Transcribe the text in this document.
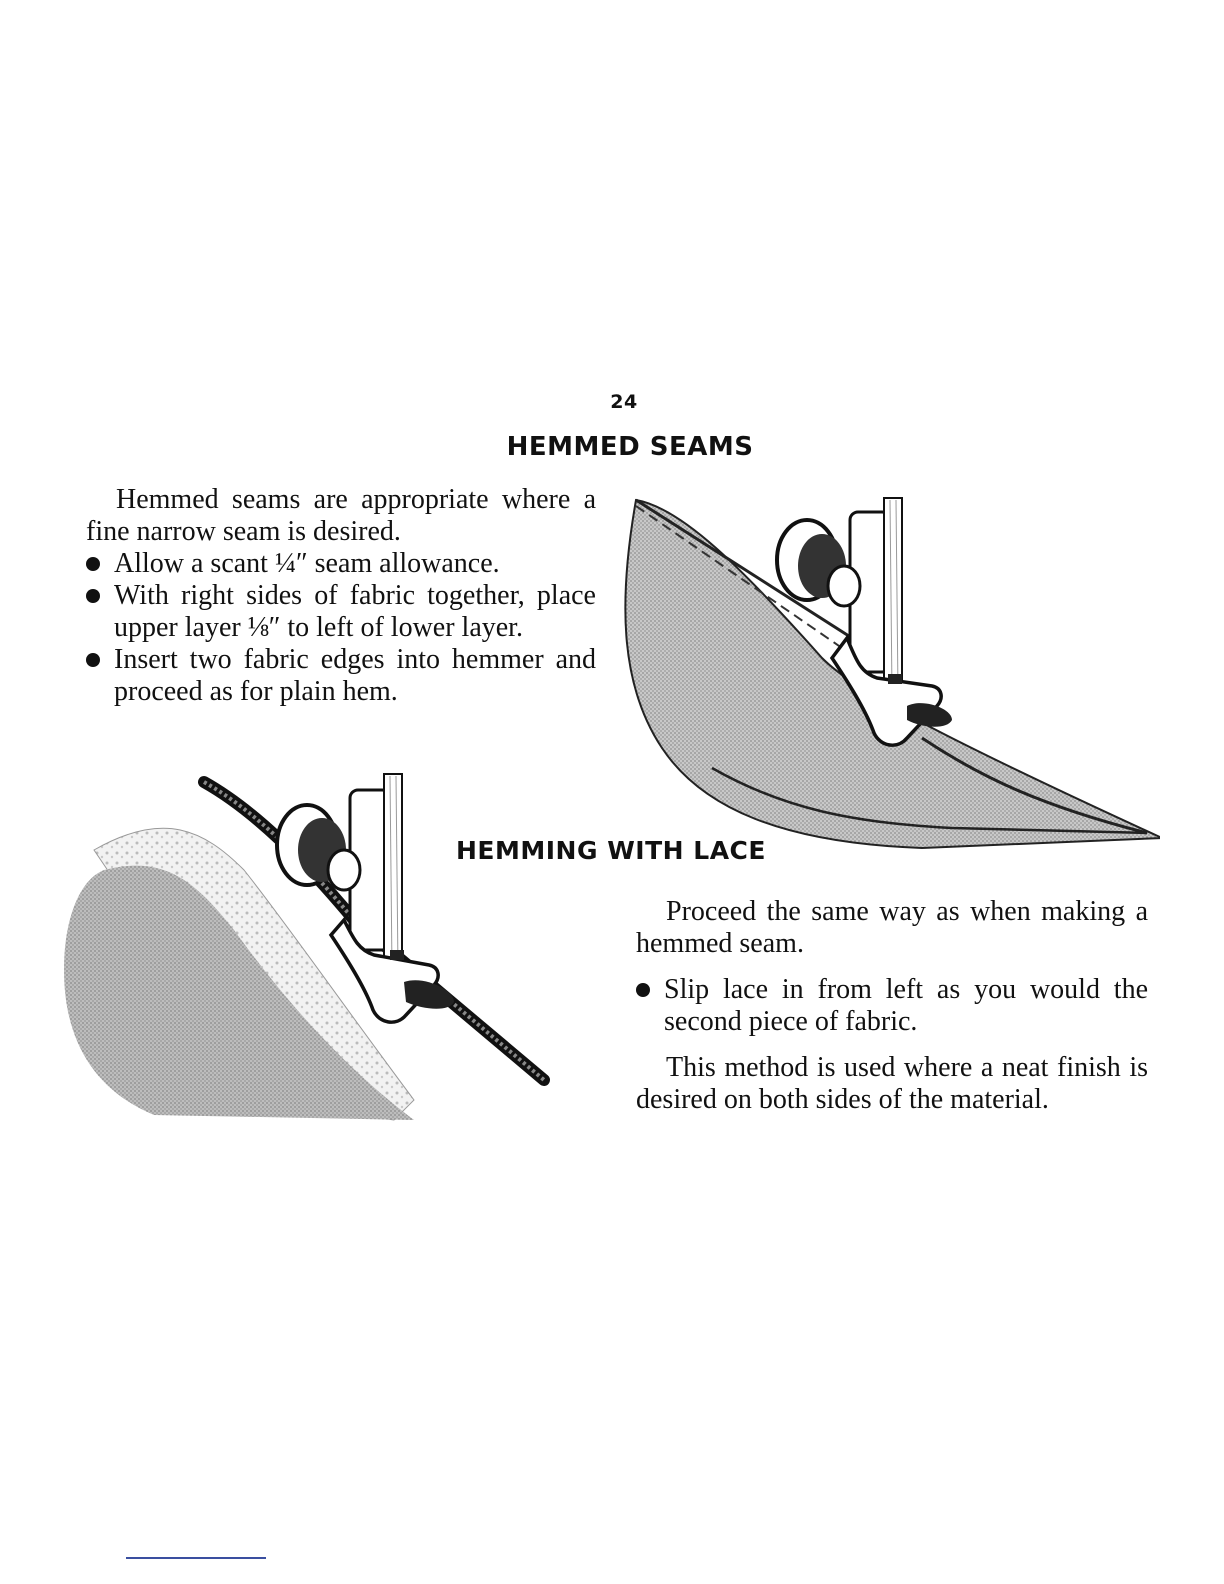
24
HEMMED SEAMS

Hemmed seams are appropriate where a fine narrow seam is desired.

Allow a scant ¼″ seam allowance.
With right sides of fabric together, place upper layer ⅛″ to left of lower layer.
Insert two fabric edges into hemmer and proceed as for plain hem.
HEMMING WITH LACE

Proceed the same way as when making a hemmed seam.

Slip lace in from left as you would the second piece of fabric.

This method is used where a neat finish is desired on both sides of the material.
